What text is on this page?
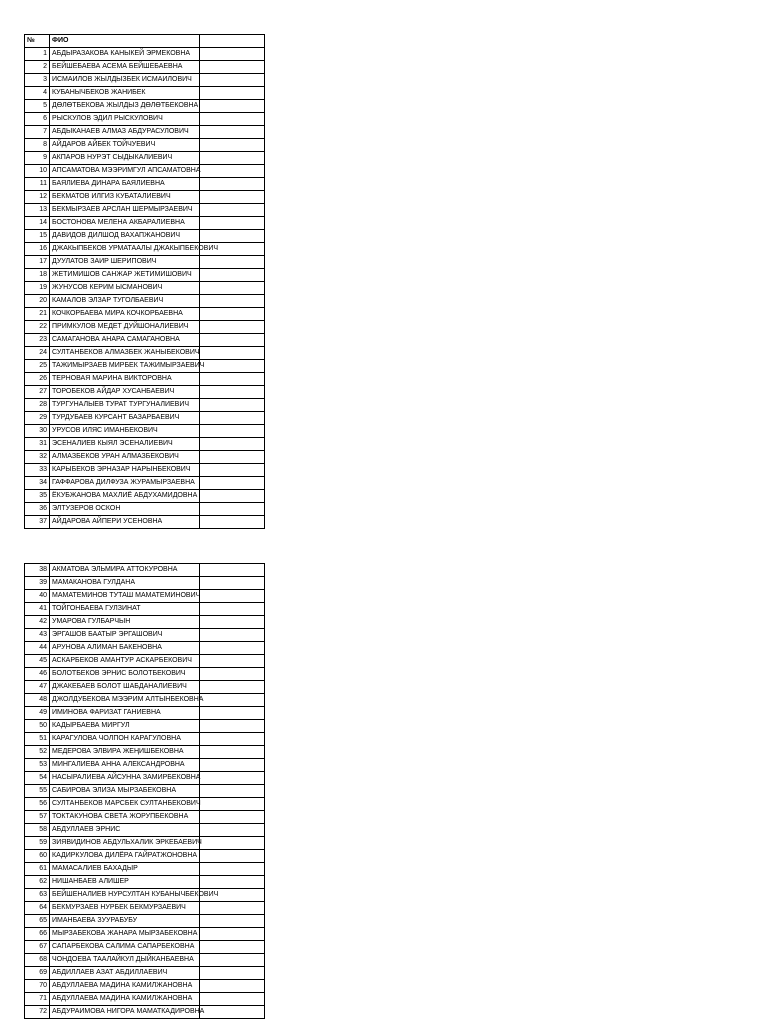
№	ФИО	
1	АБДЫРАЗАКОВА КАНЫКЕЙ ЭРМЕКОВНА	
2	БЕЙШЕБАЕВА АСЕМА БЕЙШЕБАЕВНА	
3	ИСМАИЛОВ ЖЫЛДЫЗБЕК ИСМАИЛОВИЧ	
4	КУБАНЫЧБЕКОВ ЖАНИБЕК	
5	ДӨЛӨТБЕКОВА ЖЫЛДЫЗ ДӨЛӨТБЕКОВНА	
6	РЫСКУЛОВ ЭДИЛ РЫСКУЛОВИЧ	
7	АБДЫКАНАЕВ АЛМАЗ АБДУРАСУЛОВИЧ	
8	АЙДАРОВ АЙБЕК ТОЙЧУЕВИЧ	
9	АКПАРОВ НУРЭТ СЫДЫКАЛИЕВИЧ	
10	АПСАМАТОВА МЭЭРИМГУЛ АПСАМАТОВНА	
11	БАЯЛИЕВА ДИНАРА БАЯЛИЕВНА	
12	БЕКМАТОВ ИЛГИЗ КУБАТАЛИЕВИЧ	
13	БЕКМЫРЗАЕВ АРСЛАН ШЕРМЫРЗАЕВИЧ	
14	БОСТОНОВА МЕЛЕНА АКБАРАЛИЕВНА	
15	ДАВИДОВ ДИЛШОД ВАХАПЖАНОВИЧ	
16	ДЖАКЫПБЕКОВ УРМАТААЛЫ ДЖАКЫПБЕКОВИЧ	
17	ДУУЛАТОВ ЗАИР ШЕРИПОВИЧ	
18	ЖЕТИМИШОВ САНЖАР ЖЕТИМИШОВИЧ	
19	ЖУНУСОВ КЕРИМ ЫСМАНОВИЧ	
20	КАМАЛОВ ЭЛЗАР ТУГОЛБАЕВИЧ	
21	КОЧКОРБАЕВА МИРА КОЧКОРБАЕВНА	
22	ПРИМКУЛОВ МЕДЕТ ДУЙШОНАЛИЕВИЧ	
23	САМАГАНОВА АНАРА САМАГАНОВНА	
24	СУЛТАНБЕКОВ АЛМАЗБЕК ЖАНЫБЕКОВИЧ	
25	ТАЖИМЫРЗАЕВ МИРБЕК ТАЖИМЫРЗАЕВИЧ	
26	ТЕРНОВАЯ МАРИНА ВИКТОРОВНА	
27	ТОРОБЕКОВ АЙДАР ХУСАНБАЕВИЧ	
28	ТУРГУНАЛЫЕВ ТУРАТ ТУРГУНАЛИЕВИЧ	
29	ТУРДУБАЕВ КУРСАНТ БАЗАРБАЕВИЧ	
30	УРУСОВ ИЛЯС ИМАНБЕКОВИЧ	
31	ЭСЕНАЛИЕВ КЫЯЛ ЭСЕНАЛИЕВИЧ	
32	АЛМАЗБЕКОВ УРАН АЛМАЗБЕКОВИЧ	
33	КАРЫБЕКОВ ЭРНАЗАР НАРЫНБЕКОВИЧ	
34	ГАФФАРОВА ДИЛФУЗА ЖУРАМЫРЗАЕВНА	
35	ЁКУБЖАНОВА МАХЛИЁ АБДУХАМИДОВНА	
36	ЭЛТУЗЕРОВ ОСКОН	
37	АЙДАРОВА АЙПЕРИ УСЕНОВНА	
38	АКМАТОВА ЭЛЬМИРА АТТОКУРОВНА	
39	МАМАКАНОВА ГУЛДАНА	
40	МАМАТЕМИНОВ ТУТАШ МАМАТЕМИНОВИЧ	
41	ТОЙГОНБАЕВА ГУЛЗИНАТ	
42	УМАРОВА ГУЛБАРЧЫН	
43	ЭРГАШОВ БААТЫР ЭРГАШОВИЧ	
44	АРУНОВА АЛИМАН БАКЕНОВНА	
45	АСКАРБЕКОВ АМАНТУР АСКАРБЕКОВИЧ	
46	БОЛОТБЕКОВ ЭРНИС БОЛОТБЕКОВИЧ	
47	ДЖАКЕБАЕВ БОЛОТ ШАБДАНАЛИЕВИЧ	
48	ДЖОЛДУБЕКОВА МЭЭРИМ АЛТЫНБЕКОВНА	
49	ИМИНОВА ФАРИЗАТ ГАНИЕВНА	
50	КАДЫРБАЕВА МИРГУЛ	
51	КАРАГУЛОВА ЧОЛПОН КАРАГУЛОВНА	
52	МЕДЕРОВА ЭЛВИРА ЖЕҢИШБЕКОВНА	
53	МИНГАЛИЕВА АННА АЛЕКСАНДРОВНА	
54	НАСЫРАЛИЕВА АЙСУННА ЗАМИРБЕКОВНА	
55	САБИРОВА ЭЛИЗА МЫРЗАБЕКОВНА	
56	СУЛТАНБЕКОВ МАРСБЕК СУЛТАНБЕКОВИЧ	
57	ТОКТАКУНОВА СВЕТА ЖОРУПБЕКОВНА	
58	АБДУЛЛАЕВ ЭРНИС	
59	ЗИЯВИДИНОВ АБДУЛЬХАЛИК ЭРКЕБАЕВИЧ	
60	КАДИРКУЛОВА ДИЛЁРА ГАЙРАТЖОНОВНА	
61	МАМАСАЛИЕВ БАХАДЫР	
62	НИШАНБАЕВ АЛИШЕР	
63	БЕЙШЕНАЛИЕВ НУРСУЛТАН КУБАНЫЧБЕКОВИЧ	
64	БЕКМУРЗАЕВ НУРБЕК БЕКМУРЗАЕВИЧ	
65	ИМАНБАЕВА ЗУУРАБУБУ	
66	МЫРЗАБЕКОВА ЖАНАРА МЫРЗАБЕКОВНА	
67	САПАРБЕКОВА САЛИМА САПАРБЕКОВНА	
68	ЧОНДОЕВА ТААЛАЙКУЛ ДЫЙКАНБАЕВНА	
69	АБДИЛЛАЕВ АЗАТ АБДИЛЛАЕВИЧ	
70	АБДУЛЛАЕВА МАДИНА КАМИЛЖАНОВНА	
71	АБДУЛЛАЕВА МАДИНА КАМИЛЖАНОВНА	
72	АБДУРАИМОВА НИГОРА МАМАТКАДИРОВНА	
